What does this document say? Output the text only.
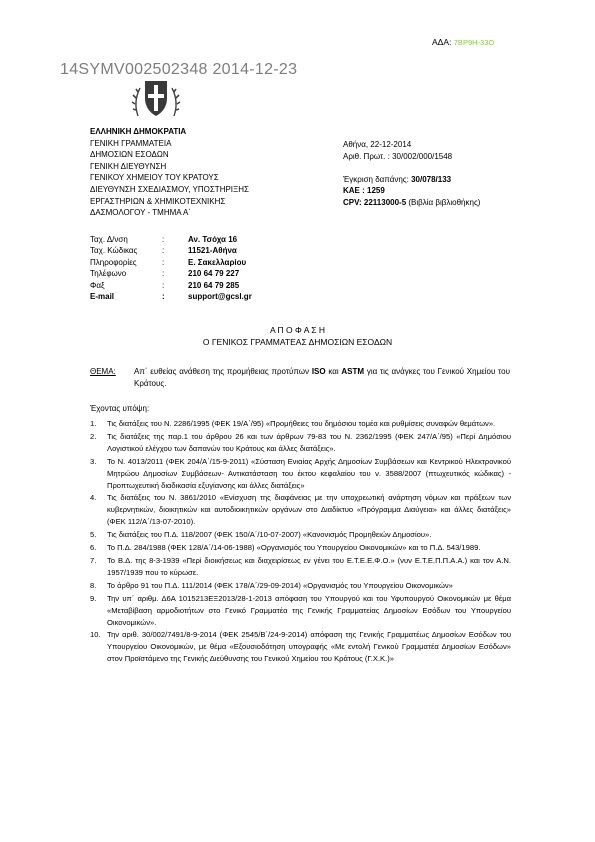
ΑΔΑ: 7ΒΡ9Η-33Ο
14SYMV002502348 2014-12-23
ΕΛΛΗΝΙΚΗ ΔΗΜΟΚΡΑΤΙΑ
ΓΕΝΙΚΗ ΓΡΑΜΜΑΤΕΙΑ
ΔΗΜΟΣΙΩΝ ΕΣΟΔΩΝ
ΓΕΝΙΚΗ ΔΙΕΥΘΥΝΣΗ
ΓΕΝΙΚΟΥ ΧΗΜΕΙΟΥ ΤΟΥ ΚΡΑΤΟΥΣ
ΔΙΕΥΘΥΝΣΗ ΣΧΕΔΙΑΣΜΟΥ, ΥΠΟΣΤΗΡΙΞΗΣ
ΕΡΓΑΣΤΗΡΙΩΝ & ΧΗΜΙΚΟΤΕΧΝΙΚΗΣ
ΔΑΣΜΟΛΟΓΟΥ - ΤΜΗΜΑ Α΄
Αθήνα, 22-12-2014
Αριθ. Πρωτ. : 30/002/000/1548
Έγκριση δαπάνης: 30/078/133
ΚΑΕ : 1259
CPV: 22113000-5 (Βιβλία βιβλιοθήκης)
Ταχ. Δ/νση	:	Αν. Τσόχα 16
Ταχ. Κώδικας	:	11521-Αθήνα
Πληροφορίες	:	Ε. Σακελλαρίου
Τηλέφωνο	:	210 64 79 227
Φαξ	:	210 64 79 285
E-mail	:	support@gcsl.gr
Α Π Ο Φ Α Σ Η
Ο ΓΕΝΙΚΟΣ ΓΡΑΜΜΑΤΕΑΣ ΔΗΜΟΣΙΩΝ ΕΣΟΔΩΝ
ΘΕΜΑ: Απ΄ ευθείας ανάθεση της προμήθειας προτύπων ISO και ASTM για τις ανάγκες του Γενικού Χημείου του Κράτους.
Έχοντας υπόψη:
1. Τις διατάξεις του Ν. 2286/1995 (ΦΕΚ 19/Α΄/95) «Προμήθειες του δημόσιου τομέα και ρυθμίσεις συναφών θεμάτων».
2. Τις διατάξεις της παρ.1 του άρθρου 26 και των άρθρων 79-83 του Ν. 2362/1995 (ΦΕΚ 247/Α΄/95) «Περί Δημόσιου Λογιστικού ελέγχου των δαπανών του Κράτους και άλλες διατάξεις».
3. Το Ν. 4013/2011 (ΦΕΚ 204/Α΄/15-9-2011) «Σύσταση Ενιαίας Αρχής Δημοσίων Συμβάσεων και Κεντρικού Ηλεκτρονικού Μητρώου Δημοσίων Συμβάσεων- Αντικατάσταση του έκτου κεφαλαίου του ν. 3588/2007 (πτωχευτικός κώδικας) - Προπτωχευτική διαδικασία εξυγίανσης και άλλες διατάξεις»
4. Τις διατάξεις του Ν. 3861/2010 «Ενίσχυση της διαφάνειας με την υποχρεωτική ανάρτηση νόμων και πράξεων των κυβερνητικών, διοικητικών και αυτοδιοικητικών οργάνων στο Διαδίκτυο «Πρόγραμμα Διαύγεια» και άλλες διατάξεις» (ΦΕΚ 112/Α΄/13-07-2010).
5. Τις διατάξεις του Π.Δ. 118/2007 (ΦΕΚ 150/Α΄/10-07-2007) «Κανονισμός Προμηθειών Δημοσίου».
6. Το Π.Δ. 284/1988 (ΦΕΚ 128/Α΄/14-06-1988) «Οργανισμός του Υπουργείου Οικονομικών» και το Π.Δ. 543/1989.
7. Το Β.Δ. της 8-3-1939 «Περί διοικήσεως και διαχειρίσεως εν γένει του Ε.Τ.Ε.Ε.Φ.Ο.» (νυν Ε.Τ.Ε.Π.Π.Α.Α.) και τον Α.Ν. 1957/1939 που το κύρωσε.
8. Το άρθρο 91 του Π.Δ. 111/2014 (ΦΕΚ 178/Α΄/29-09-2014) «Οργανισμός του Υπουργείου Οικονομικών»
9. Την υπ΄ αριθμ. Δ6Α 1015213ΕΞ2013/28-1-2013 απόφαση του Υπουργού και του Υφυπουργού Οικονομικών με θέμα «Μεταβίβαση αρμοδιοτήτων στο Γενικό Γραμματέα της Γενικής Γραμματείας Δημοσίων Εσόδων του Υπουργείου Οικονομικών».
10. Την αριθ. 30/002/7491/8-9-2014 (ΦΕΚ 2545/Β΄/24-9-2014) απόφαση της Γενικής Γραμματέως Δημοσίων Εσόδων του Υπουργείου Οικονομικών, με θέμα «Εξουσιοδότηση υπογραφής «Με εντολή Γενικού Γραμματέα Δημοσίων Εσόδων» στον Προϊστάμενο της Γενικής Διεύθυνσης του Γενικού Χημείου του Κράτους (Γ.Χ.Κ.)»
